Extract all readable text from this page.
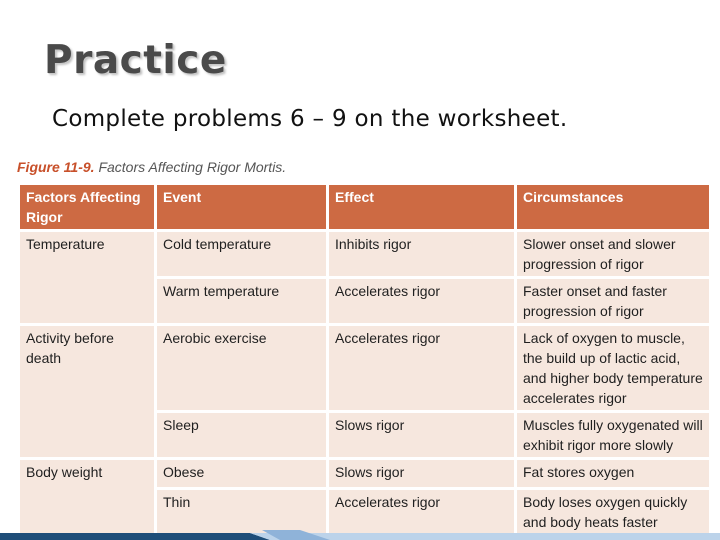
Practice
Complete problems 6 – 9 on the worksheet.
Figure 11-9. Factors Affecting Rigor Mortis.
Factors Affecting Rigor	Event	Effect	Circumstances
Temperature	Cold temperature	Inhibits rigor	Slower onset and slower progression of rigor
	Warm temperature	Accelerates rigor	Faster onset and faster progression of rigor
Activity before death	Aerobic exercise	Accelerates rigor	Lack of oxygen to muscle, the build up of lactic acid, and higher body temperature accelerates rigor
	Sleep	Slows rigor	Muscles fully oxygenated will exhibit rigor more slowly
Body weight	Obese	Slows rigor	Fat stores oxygen
	Thin	Accelerates rigor	Body loses oxygen quickly and body heats faster
